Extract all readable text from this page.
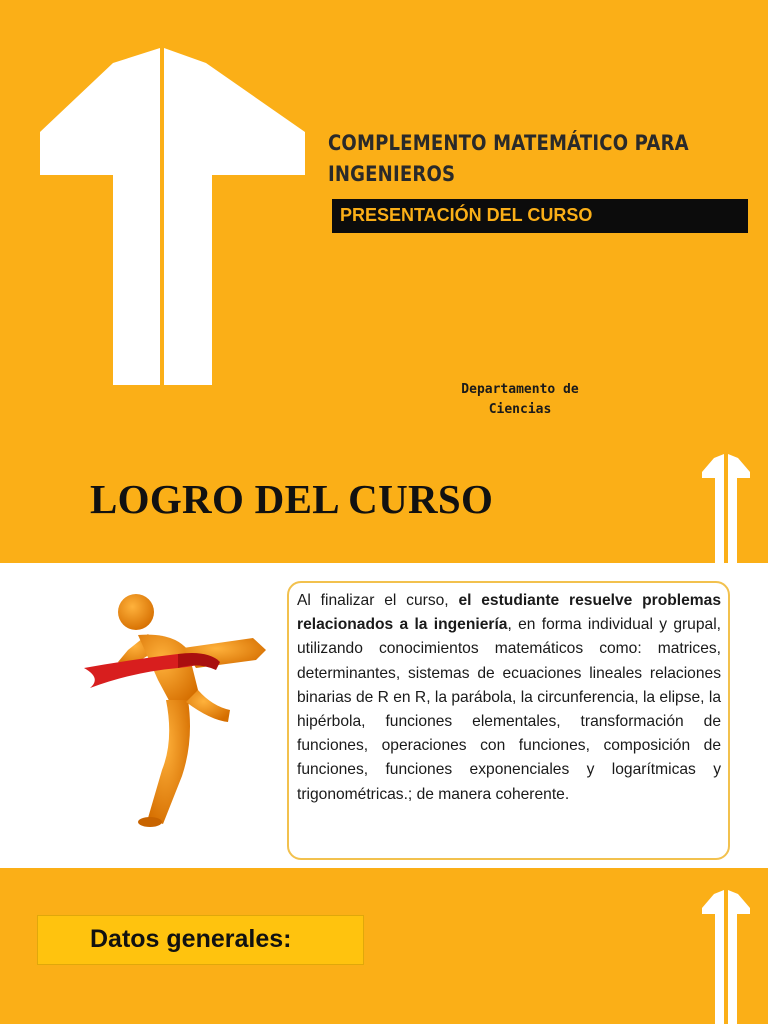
COMPLEMENTO MATEMÁTICO PARA
INGENIEROS
PRESENTACIÓN DEL CURSO
Departamento de
Ciencias
LOGRO DEL CURSO
Al finalizar el curso, el estudiante resuelve problemas relacionados a la ingeniería, en forma individual y grupal, utilizando conocimientos matemáticos como: matrices, determinantes, sistemas de ecuaciones lineales relaciones binarias de R en R, la parábola, la circunferencia, la elipse, la hipérbola, funciones elementales, transformación de funciones, operaciones con funciones, composición de funciones, funciones exponenciales y logarítmicas y trigonométricas.; de manera coherente.
Datos generales:
